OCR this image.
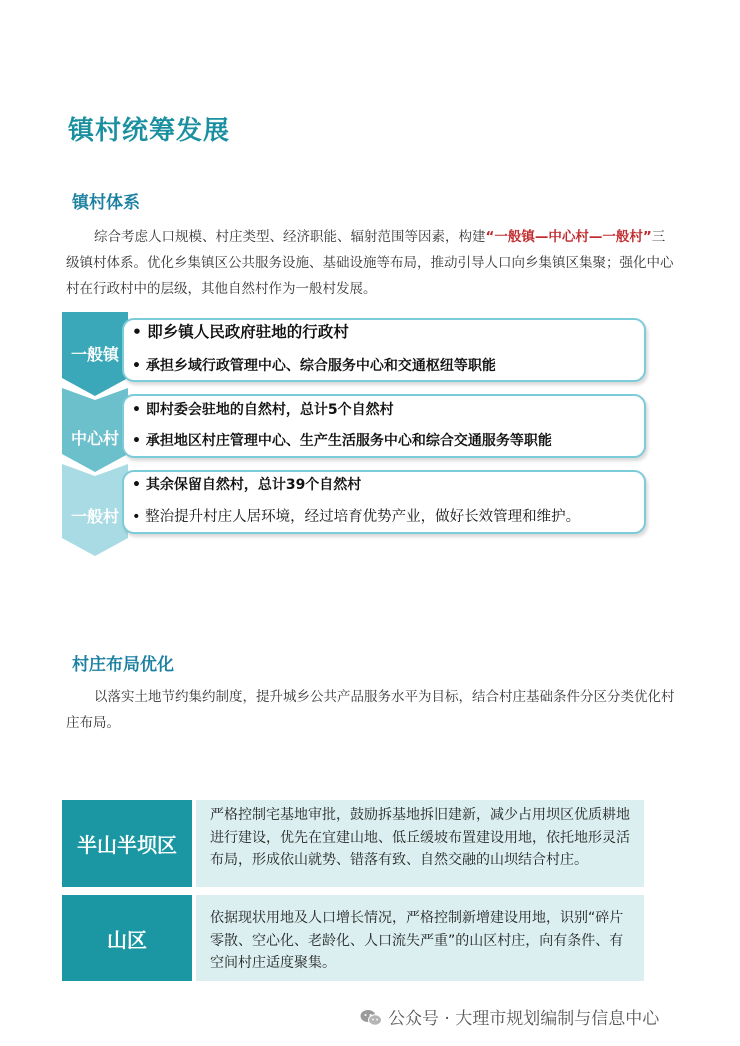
镇村统筹发展
镇村体系
综合考虑人口规模、村庄类型、经济职能、辐射范围等因素，构建“一般镇—中心村—一般村”三级镇村体系。优化乡集镇区公共服务设施、基础设施等布局，推动引导人口向乡集镇区集聚；强化中心村在行政村中的层级，其他自然村作为一般村发展。
一般镇
• 即乡镇人民政府驻地的行政村
• 承担乡域行政管理中心、综合服务中心和交通枢纽等职能
中心村
• 即村委会驻地的自然村，总计5个自然村
• 承担地区村庄管理中心、生产生活服务中心和综合交通服务等职能
一般村
• 其余保留自然村，总计39个自然村
• 整治提升村庄人居环境，经过培育优势产业，做好长效管理和维护。
村庄布局优化
以落实土地节约集约制度，提升城乡公共产品服务水平为目标，结合村庄基础条件分区分类优化村庄布局。
半山半坝区
严格控制宅基地审批，鼓励拆基地拆旧建新，减少占用坝区优质耕地进行建设，优先在宜建山地、低丘缓坡布置建设用地，依托地形灵活布局，形成依山就势、错落有致、自然交融的山坝结合村庄。
山区
依据现状用地及人口增长情况，严格控制新增建设用地，识别“碎片零散、空心化、老龄化、人口流失严重”的山区村庄，向有条件、有空间村庄适度聚集。
公众号 · 大理市规划编制与信息中心
